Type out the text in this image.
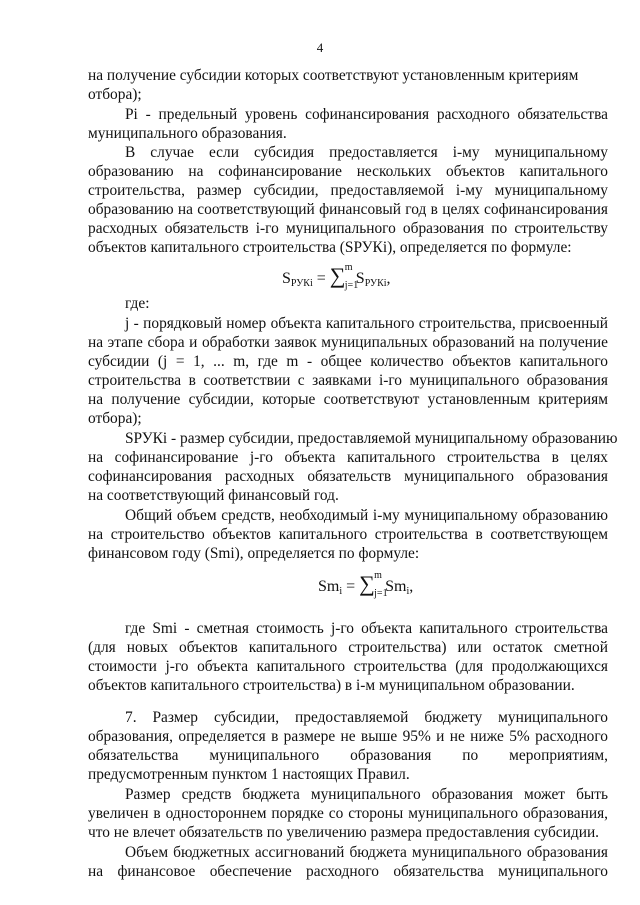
4
на получение субсидии которых соответствуют установленным критериям
отбора);
Pi - предельный уровень софинансирования расходного обязательства
муниципального образования.
В случае если субсидия предоставляется i-му муниципальному
образованию на софинансирование нескольких объектов капитального
строительства, размер субсидии, предоставляемой i-му муниципальному
образованию на соответствующий финансовый год в целях софинансирования
расходных обязательств i-го муниципального образования по строительству
объектов капитального строительства (SРУКi), определяется по формуле:
$S_{РУКi}$ = ∑ m
j=1
$S_{РУКi}$,
где:
j - порядковый номер объекта капитального строительства, присвоенный
на этапе сбора и обработки заявок муниципальных образований на получение
субсидии (j = 1, ... m, где m - общее количество объектов капитального
строительства в соответствии с заявками i-го муниципального образования
на получение субсидии, которые соответствуют установленным критериям
отбора);
SРУКi - размер субсидии, предоставляемой муниципальному образованию
на софинансирование j-го объекта капитального строительства в целях
софинансирования расходных обязательств муниципального образования
на соответствующий финансовый год.
Общий объем средств, необходимый i-му муниципальному образованию
на строительство объектов капитального строительства в соответствующем
финансовом году (Smi), определяется по формуле:
$Sm_i$ = ∑ m
j=1
$Sm_i$,
где Smi - сметная стоимость j-го объекта капитального строительства
(для новых объектов капитального строительства) или остаток сметной
стоимости j-го объекта капитального строительства (для продолжающихся
объектов капитального строительства) в i-м муниципальном образовании.
7. Размер субсидии, предоставляемой бюджету муниципального
образования, определяется в размере не выше 95% и не ниже 5% расходного
обязательства муниципального образования по мероприятиям,
предусмотренным пунктом 1 настоящих Правил.
Размер средств бюджета муниципального образования может быть
увеличен в одностороннем порядке со стороны муниципального образования,
что не влечет обязательств по увеличению размера предоставления субсидии.
Объем бюджетных ассигнований бюджета муниципального образования
на финансовое обеспечение расходного обязательства муниципального
